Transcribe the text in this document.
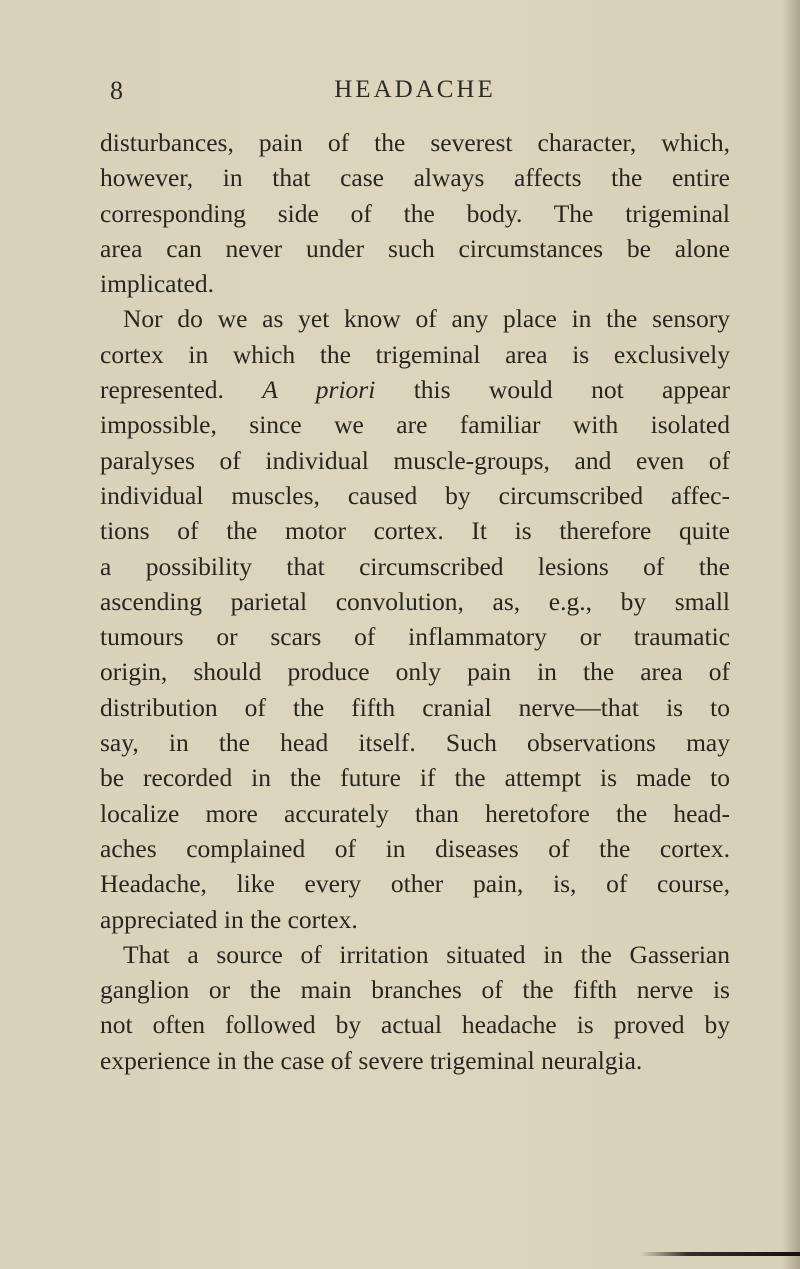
8	HEADACHE
disturbances, pain of the severest character, which,
however, in that case always affects the entire
corresponding side of the body. The trigeminal
area can never under such circumstances be alone
implicated.
Nor do we as yet know of any place in the sensory
cortex in which the trigeminal area is exclusively
represented. A priori this would not appear
impossible, since we are familiar with isolated
paralyses of individual muscle-groups, and even of
individual muscles, caused by circumscribed affec-
tions of the motor cortex. It is therefore quite
a possibility that circumscribed lesions of the
ascending parietal convolution, as, e.g., by small
tumours or scars of inflammatory or traumatic
origin, should produce only pain in the area of
distribution of the fifth cranial nerve—that is to
say, in the head itself. Such observations may
be recorded in the future if the attempt is made to
localize more accurately than heretofore the head-
aches complained of in diseases of the cortex.
Headache, like every other pain, is, of course,
appreciated in the cortex.
That a source of irritation situated in the Gasserian
ganglion or the main branches of the fifth nerve is
not often followed by actual headache is proved by
experience in the case of severe trigeminal neuralgia.
